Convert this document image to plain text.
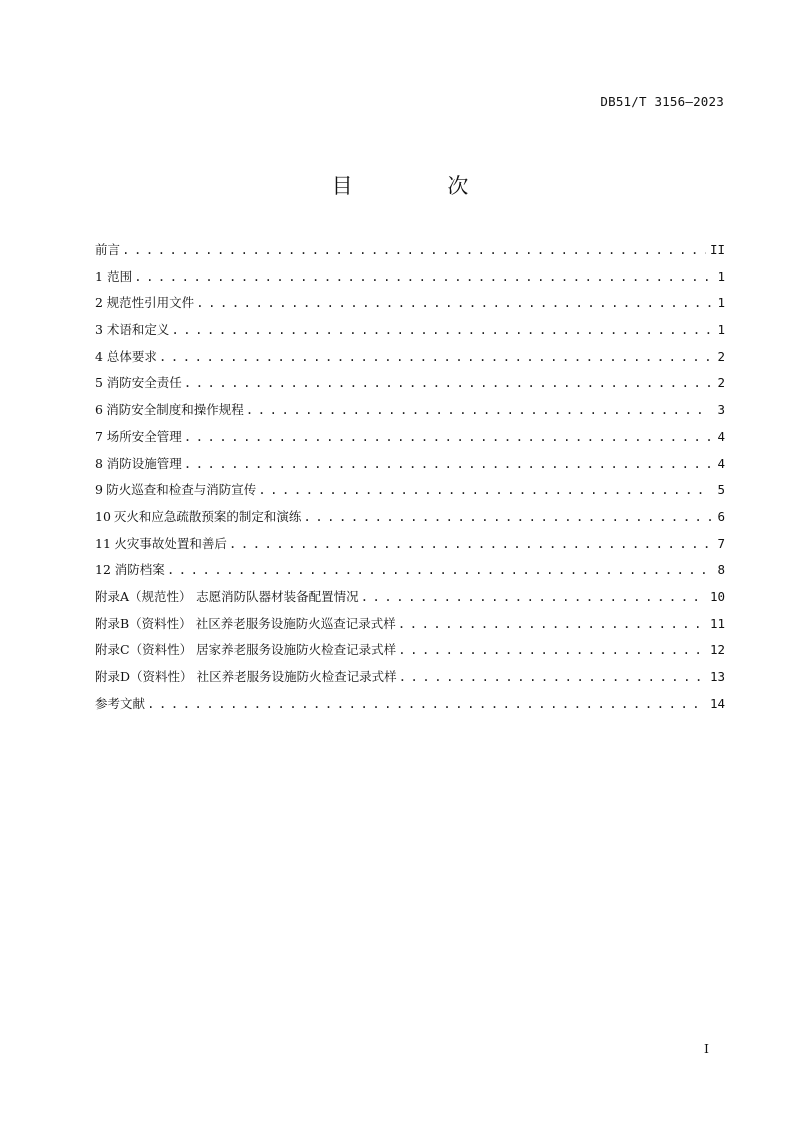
DB51/T 3156—2023
目 次
前言 . . .	II
1 范围 . . .	1
2 规范性引用文件 . . .	1
3 术语和定义 . . .	1
4 总体要求 . . .	2
5 消防安全责任 . . .	2
6 消防安全制度和操作规程 . . .	3
7 场所安全管理 . . .	4
8 消防设施管理 . . .	4
9 防火巡查和检查与消防宣传 . . .	5
10 灭火和应急疏散预案的制定和演练 . . .	6
11 火灾事故处置和善后 . . .	7
12 消防档案 . . .	8
附录A（规范性） 志愿消防队器材装备配置情况 . . .	10
附录B（资料性） 社区养老服务设施防火巡查记录式样 . . .	11
附录C（资料性） 居家养老服务设施防火检查记录式样 . . .	12
附录D（资料性） 社区养老服务设施防火检查记录式样 . . .	13
参考文献 . . .	14
I
